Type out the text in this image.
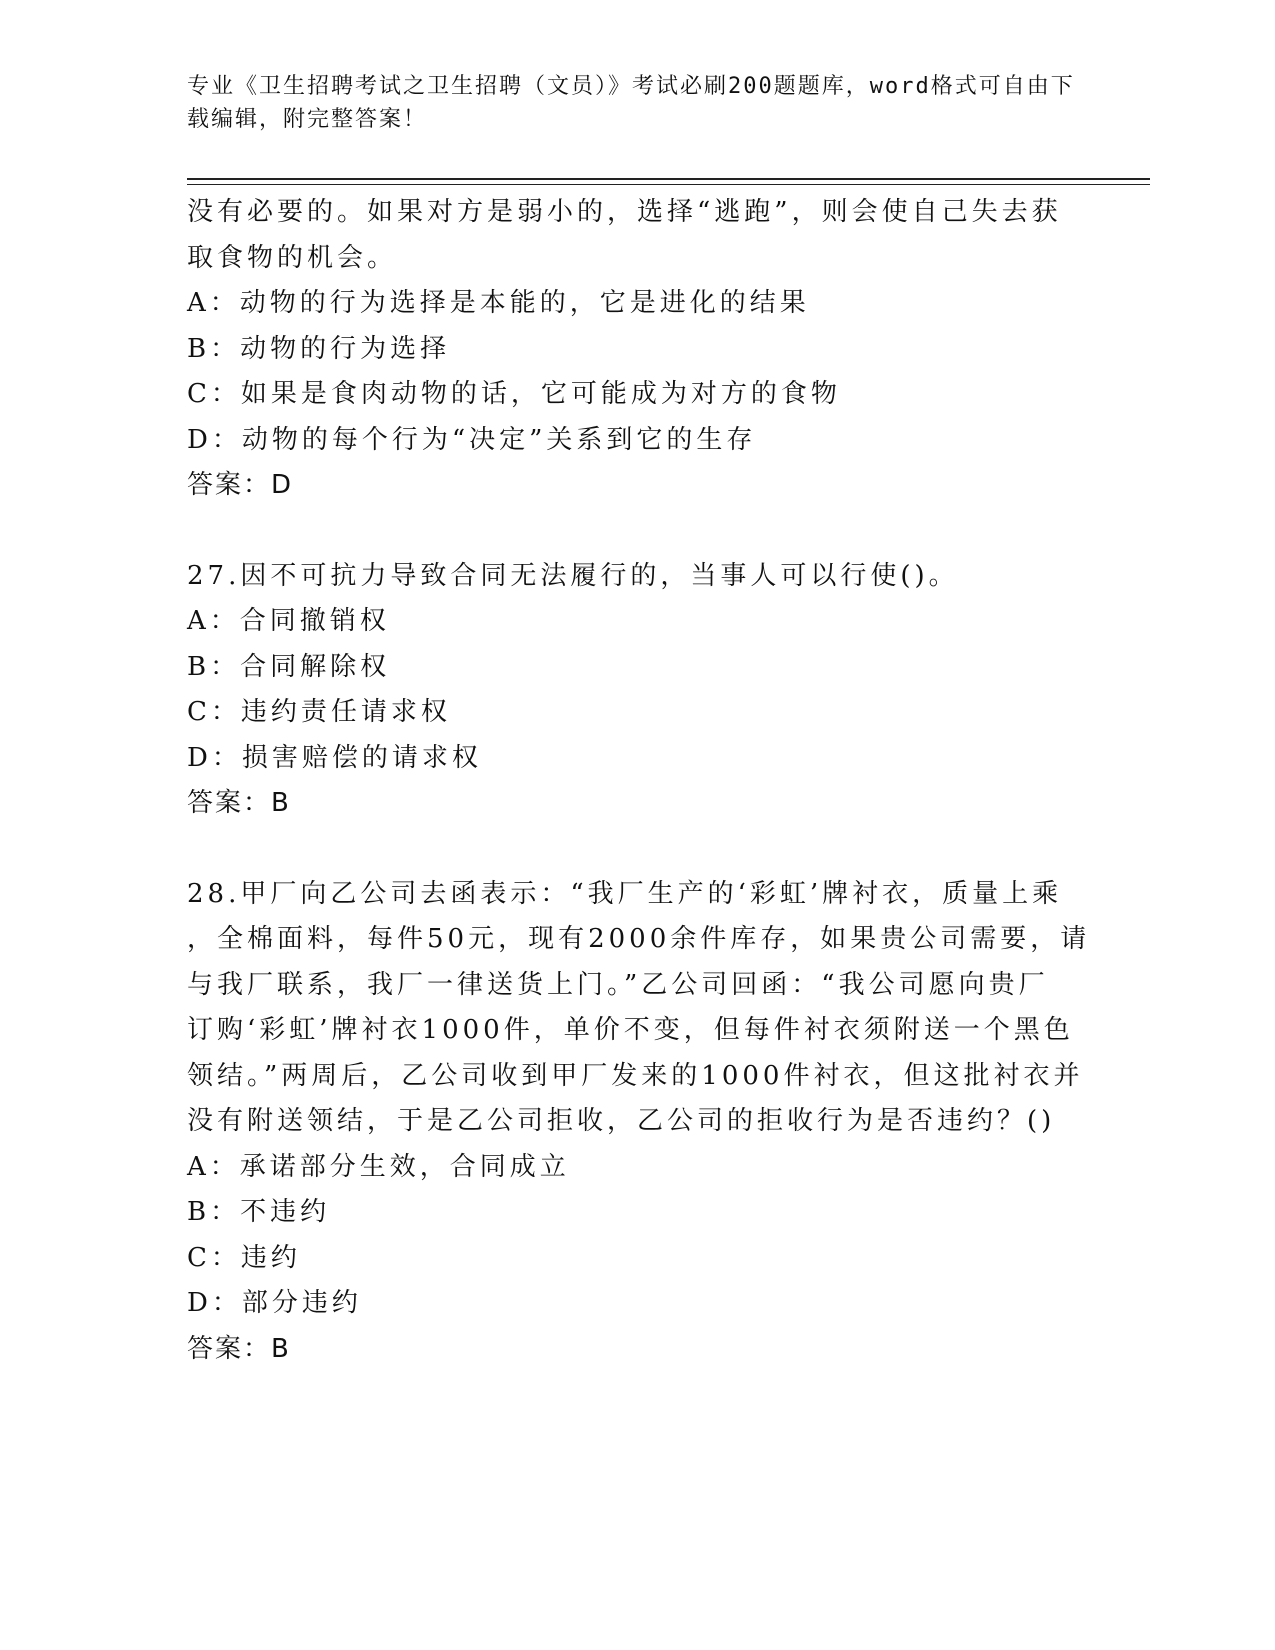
专业《卫生招聘考试之卫生招聘（文员）》考试必刷200题题库，word格式可自由下载编辑，附完整答案！
没有必要的。如果对方是弱小的，选择“逃跑”，则会使自己失去获
取食物的机会。
A：动物的行为选择是本能的，它是进化的结果
B：动物的行为选择
C：如果是食肉动物的话，它可能成为对方的食物
D：动物的每个行为“决定”关系到它的生存
答案：D
27.因不可抗力导致合同无法履行的，当事人可以行使()。
A：合同撤销权
B：合同解除权
C：违约责任请求权
D：损害赔偿的请求权
答案：B
28.甲厂向乙公司去函表示：“我厂生产的‘彩虹’牌衬衣，质量上乘
，全棉面料，每件50元，现有2000余件库存，如果贵公司需要，请
与我厂联系，我厂一律送货上门。”乙公司回函：“我公司愿向贵厂
订购‘彩虹’牌衬衣1000件，单价不变，但每件衬衣须附送一个黑色
领结。”两周后，乙公司收到甲厂发来的1000件衬衣，但这批衬衣并
没有附送领结，于是乙公司拒收，乙公司的拒收行为是否违约？()
A：承诺部分生效，合同成立
B：不违约
C：违约
D：部分违约
答案：B
